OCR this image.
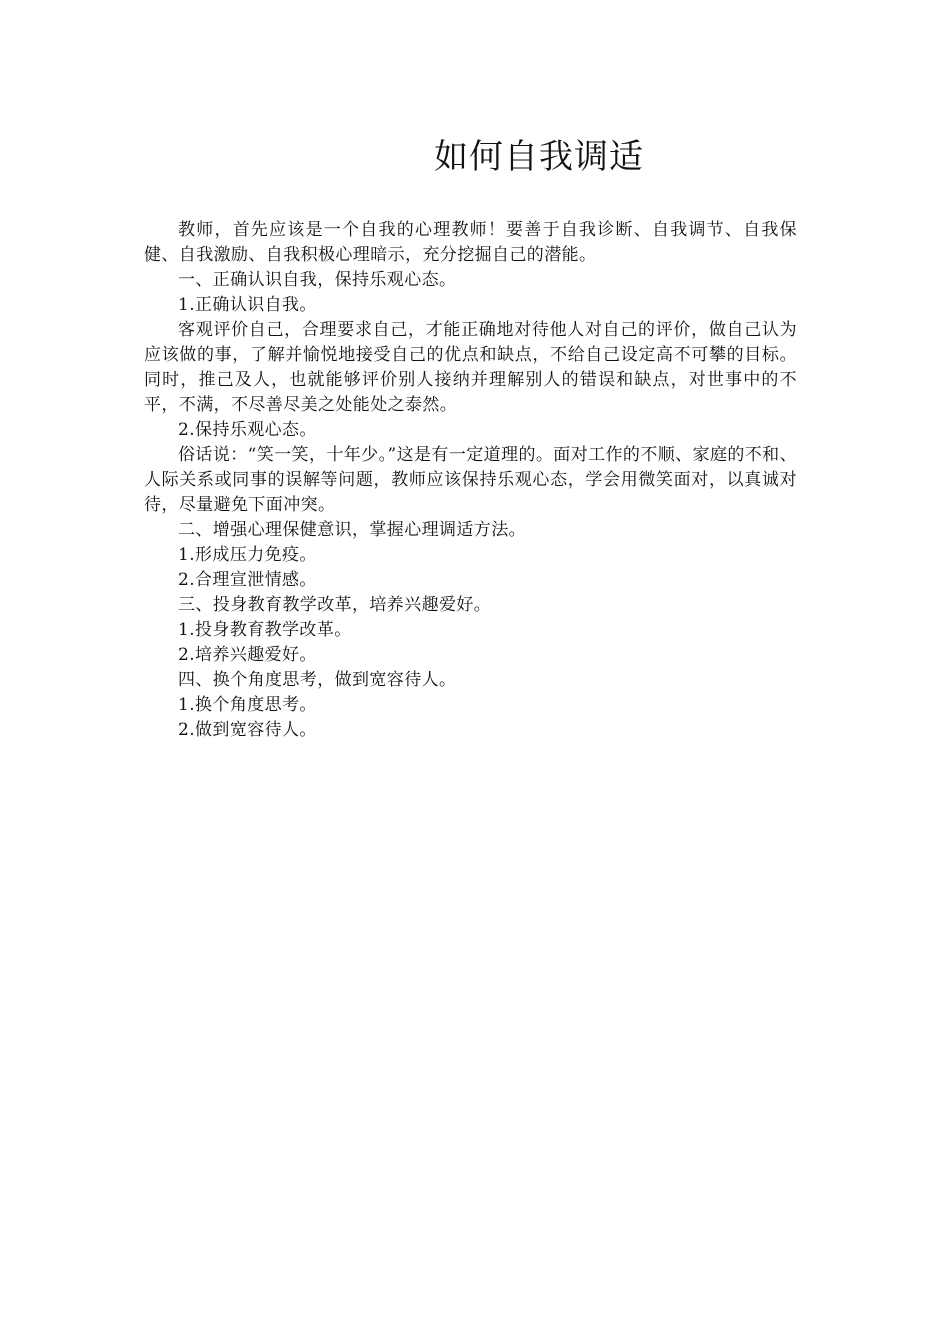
如何自我调适

教师，首先应该是一个自我的心理教师！要善于自我诊断、自我调节、自我保健、自我激励、自我积极心理暗示，充分挖掘自己的潜能。

一、正确认识自我，保持乐观心态。

1.正确认识自我。

客观评价自己，合理要求自己，才能正确地对待他人对自己的评价，做自己认为应该做的事，了解并愉悦地接受自己的优点和缺点，不给自己设定高不可攀的目标。同时，推己及人，也就能够评价别人接纳并理解别人的错误和缺点，对世事中的不平，不满，不尽善尽美之处能处之泰然。

2.保持乐观心态。

俗话说：“笑一笑，十年少。”这是有一定道理的。面对工作的不顺、家庭的不和、人际关系或同事的误解等问题，教师应该保持乐观心态，学会用微笑面对，以真诚对待，尽量避免下面冲突。

二、增强心理保健意识，掌握心理调适方法。

1.形成压力免疫。

2.合理宣泄情感。

三、投身教育教学改革，培养兴趣爱好。

1.投身教育教学改革。

2.培养兴趣爱好。

四、换个角度思考，做到宽容待人。

1.换个角度思考。

2.做到宽容待人。
